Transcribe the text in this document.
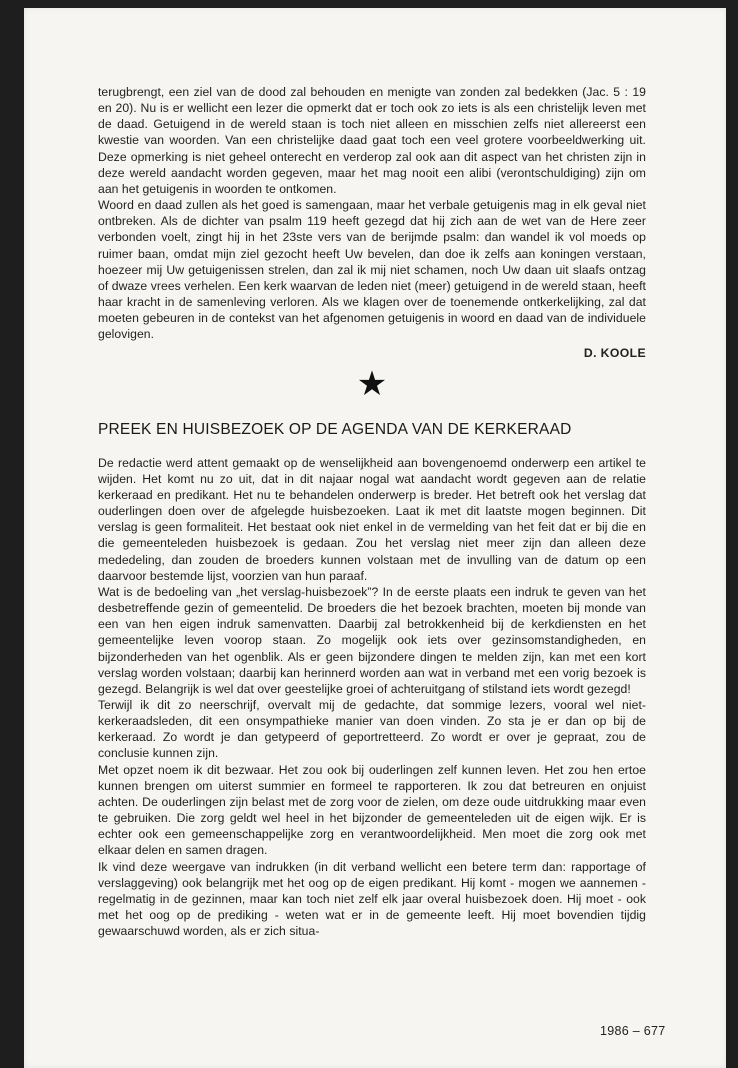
terugbrengt, een ziel van de dood zal behouden en menigte van zonden zal bedekken (Jac. 5 : 19 en 20). Nu is er wellicht een lezer die opmerkt dat er toch ook zo iets is als een christelijk leven met de daad. Getuigend in de wereld staan is toch niet alleen en misschien zelfs niet allereerst een kwestie van woorden. Van een christelijke daad gaat toch een veel grotere voorbeeldwerking uit. Deze opmerking is niet geheel onterecht en verderop zal ook aan dit aspect van het christen zijn in deze wereld aandacht worden gegeven, maar het mag nooit een alibi (verontschuldiging) zijn om aan het getuigenis in woorden te ontkomen.

Woord en daad zullen als het goed is samengaan, maar het verbale getuigenis mag in elk geval niet ontbreken. Als de dichter van psalm 119 heeft gezegd dat hij zich aan de wet van de Here zeer verbonden voelt, zingt hij in het 23ste vers van de berijmde psalm: dan wandel ik vol moeds op ruimer baan, omdat mijn ziel gezocht heeft Uw bevelen, dan doe ik zelfs aan koningen verstaan, hoezeer mij Uw getuigenissen strelen, dan zal ik mij niet schamen, noch Uw daan uit slaafs ontzag of dwaze vrees verhelen. Een kerk waarvan de leden niet (meer) getuigend in de wereld staan, heeft haar kracht in de samenleving verloren. Als we klagen over de toenemende ontkerkelijking, zal dat moeten gebeuren in de contekst van het afgenomen getuigenis in woord en daad van de individuele gelovigen.

D. KOOLE
★
PREEK EN HUISBEZOEK OP DE AGENDA VAN DE KERKERAAD

De redactie werd attent gemaakt op de wenselijkheid aan bovengenoemd onderwerp een artikel te wijden. Het komt nu zo uit, dat in dit najaar nogal wat aandacht wordt gegeven aan de relatie kerkeraad en predikant. Het nu te behandelen onderwerp is breder. Het betreft ook het verslag dat ouderlingen doen over de afgelegde huisbezoeken. Laat ik met dit laatste mogen beginnen. Dit verslag is geen formaliteit. Het bestaat ook niet enkel in de vermelding van het feit dat er bij die en die gemeenteleden huisbezoek is gedaan. Zou het verslag niet meer zijn dan alleen deze mededeling, dan zouden de broeders kunnen volstaan met de invulling van de datum op een daarvoor bestemde lijst, voorzien van hun paraaf.

Wat is de bedoeling van „het verslag-huisbezoek”? In de eerste plaats een indruk te geven van het desbetreffende gezin of gemeentelid. De broeders die het bezoek brachten, moeten bij monde van een van hen eigen indruk samenvatten. Daarbij zal betrokkenheid bij de kerkdiensten en het gemeentelijke leven voorop staan. Zo mogelijk ook iets over gezinsomstandigheden, en bijzonderheden van het ogenblik. Als er geen bijzondere dingen te melden zijn, kan met een kort verslag worden volstaan; daarbij kan herinnerd worden aan wat in verband met een vorig bezoek is gezegd. Belangrijk is wel dat over geestelijke groei of achteruitgang of stilstand iets wordt gezegd!

Terwijl ik dit zo neerschrijf, overvalt mij de gedachte, dat sommige lezers, vooral wel niet-kerkeraadsleden, dit een onsympathieke manier van doen vinden. Zo sta je er dan op bij de kerkeraad. Zo wordt je dan getypeerd of geportretteerd. Zo wordt er over je gepraat, zou de conclusie kunnen zijn.

Met opzet noem ik dit bezwaar. Het zou ook bij ouderlingen zelf kunnen leven. Het zou hen ertoe kunnen brengen om uiterst summier en formeel te rapporteren. Ik zou dat betreuren en onjuist achten. De ouderlingen zijn belast met de zorg voor de zielen, om deze oude uitdrukking maar even te gebruiken. Die zorg geldt wel heel in het bijzonder de gemeenteleden uit de eigen wijk. Er is echter ook een gemeenschappelijke zorg en verantwoordelijkheid. Men moet die zorg ook met elkaar delen en samen dragen.

Ik vind deze weergave van indrukken (in dit verband wellicht een betere term dan: rapportage of verslaggeving) ook belangrijk met het oog op de eigen predikant. Hij komt - mogen we aannemen - regelmatig in de gezinnen, maar kan toch niet zelf elk jaar overal huisbezoek doen. Hij moet - ook met het oog op de prediking - weten wat er in de gemeente leeft. Hij moet bovendien tijdig gewaarschuwd worden, als er zich situa-

1986 – 677
